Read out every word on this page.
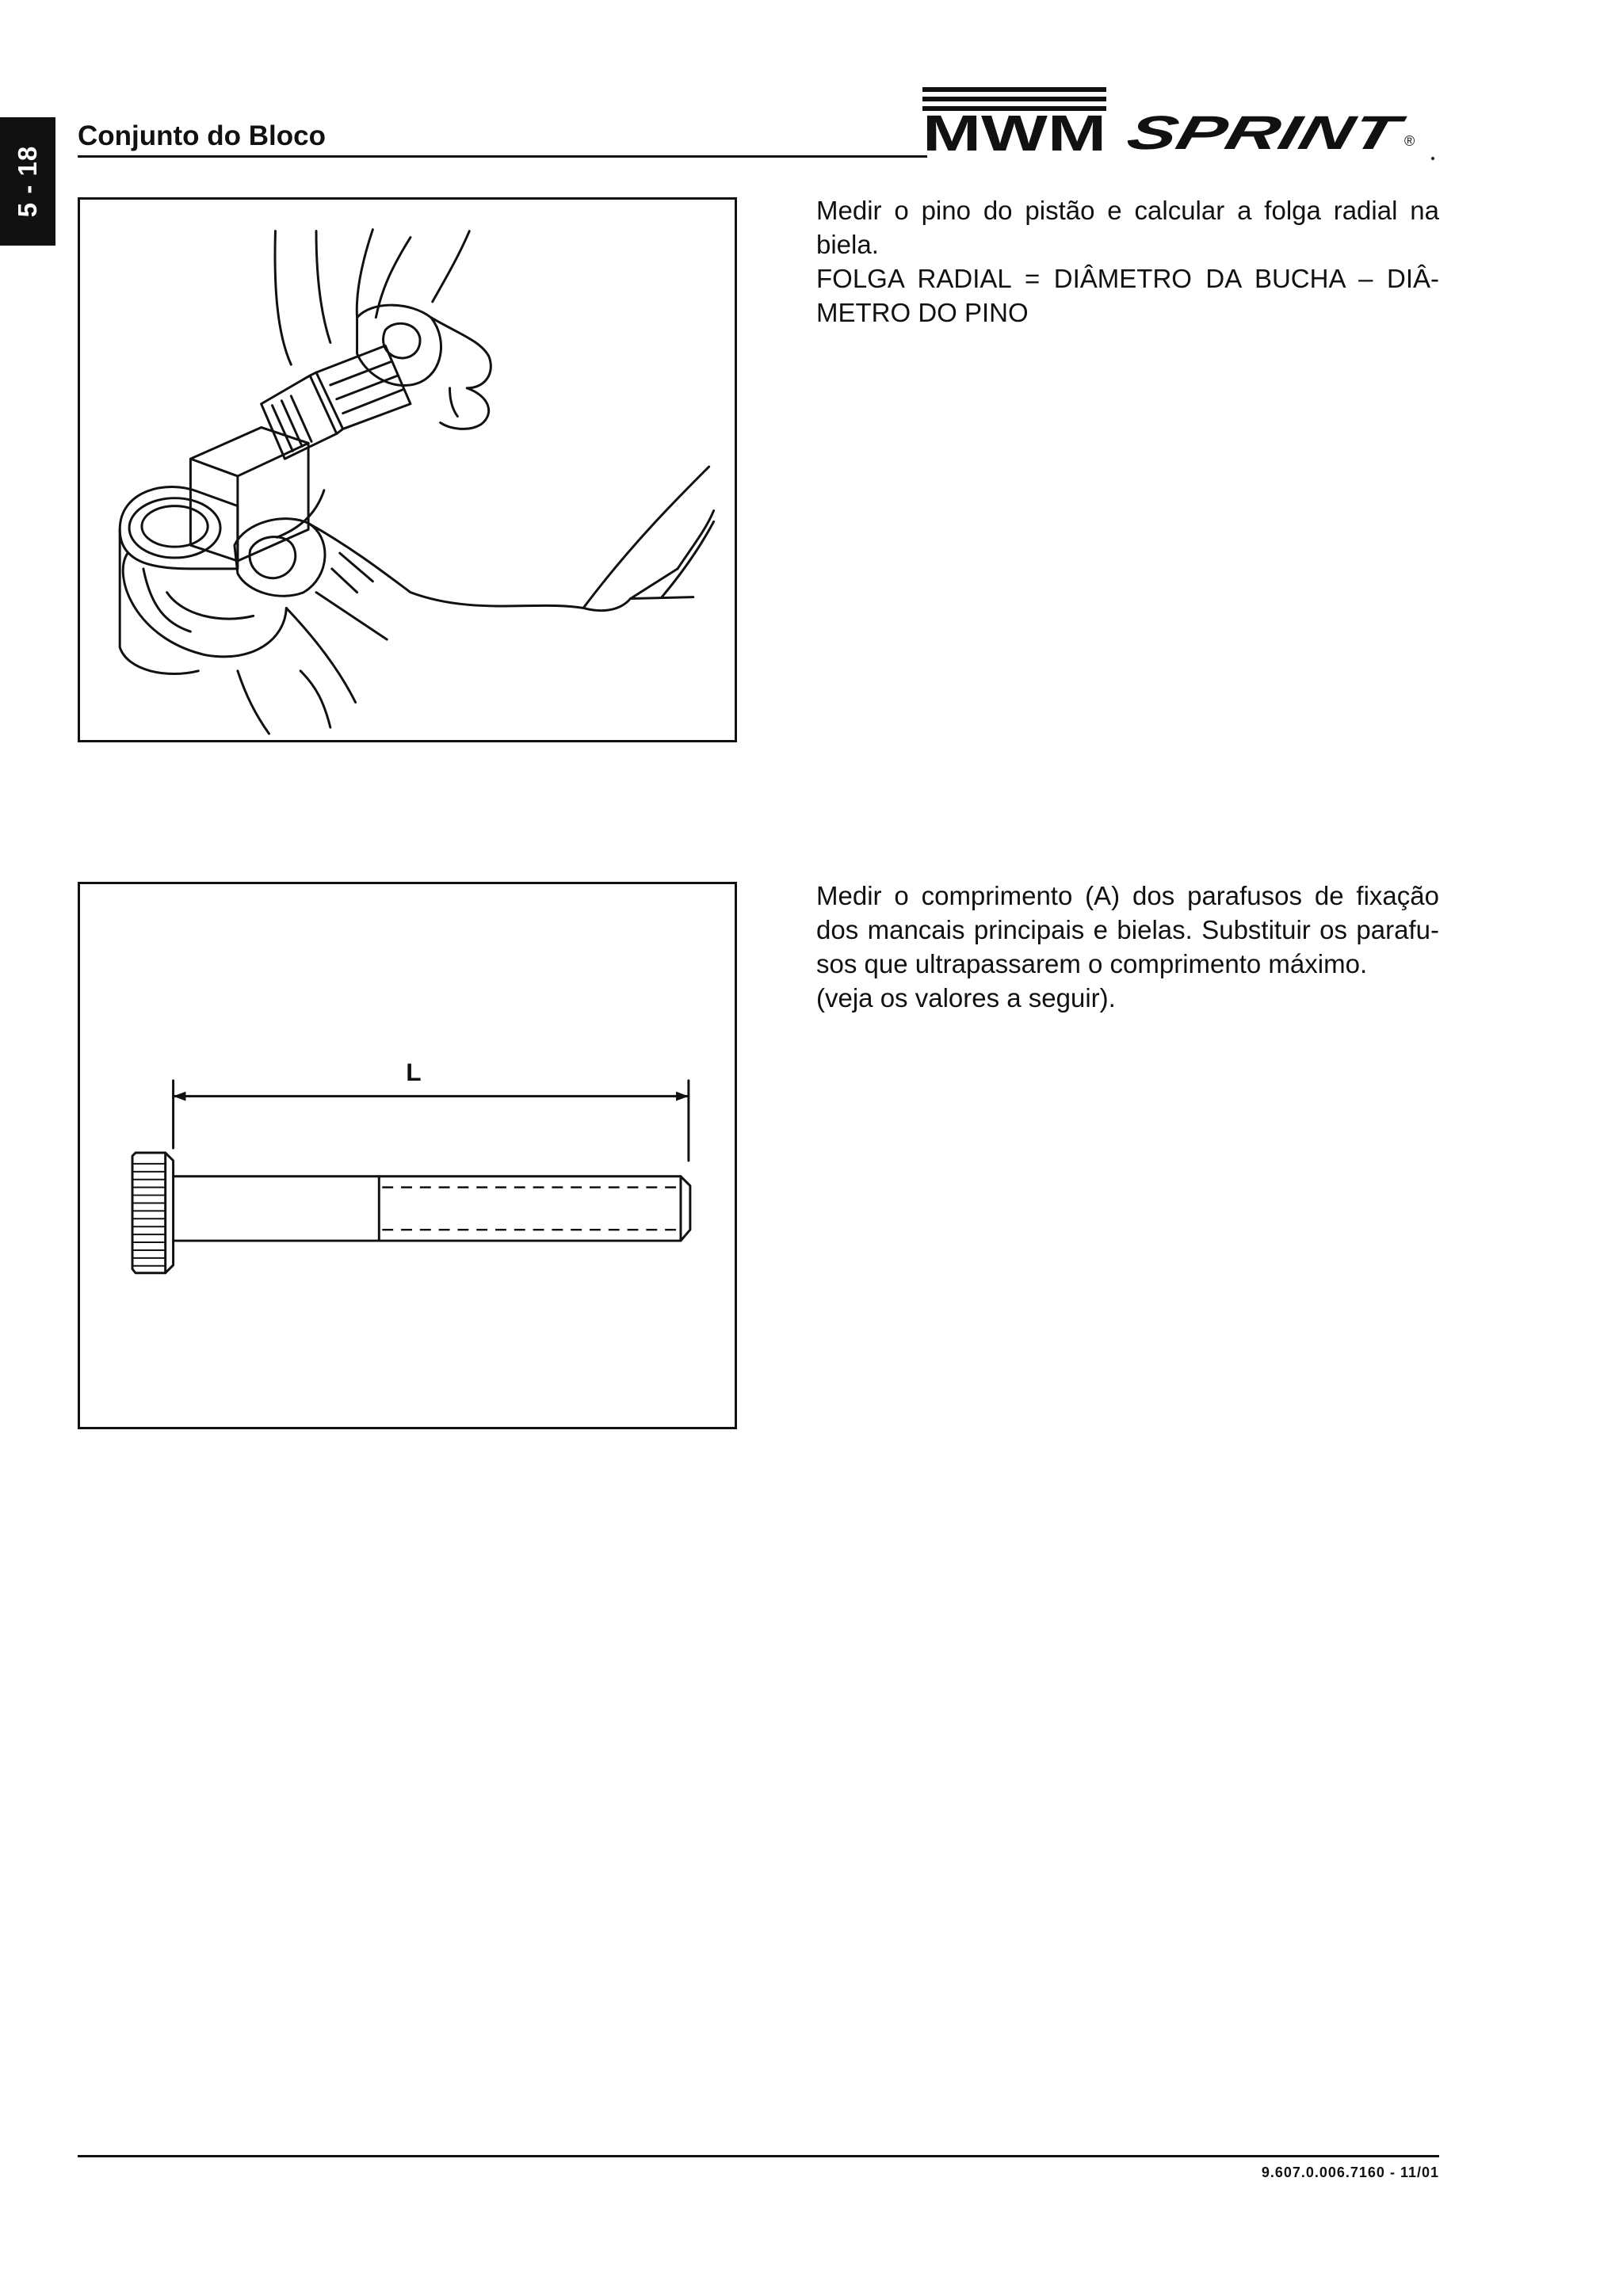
5 - 18
Conjunto do Bloco	MWM SPRINT	®

Medir o pino do pistão e calcular a folga radial na
biela.
FOLGA RADIAL = DIÂMETRO DA BUCHA – DIÂ-
METRO DO PINO

L

Medir o comprimento (A) dos parafusos de fixação
dos mancais principais e bielas. Substituir os parafu-
sos que ultrapassarem o comprimento máximo.
(veja os valores a seguir).

9.607.0.006.7160 - 11/01
